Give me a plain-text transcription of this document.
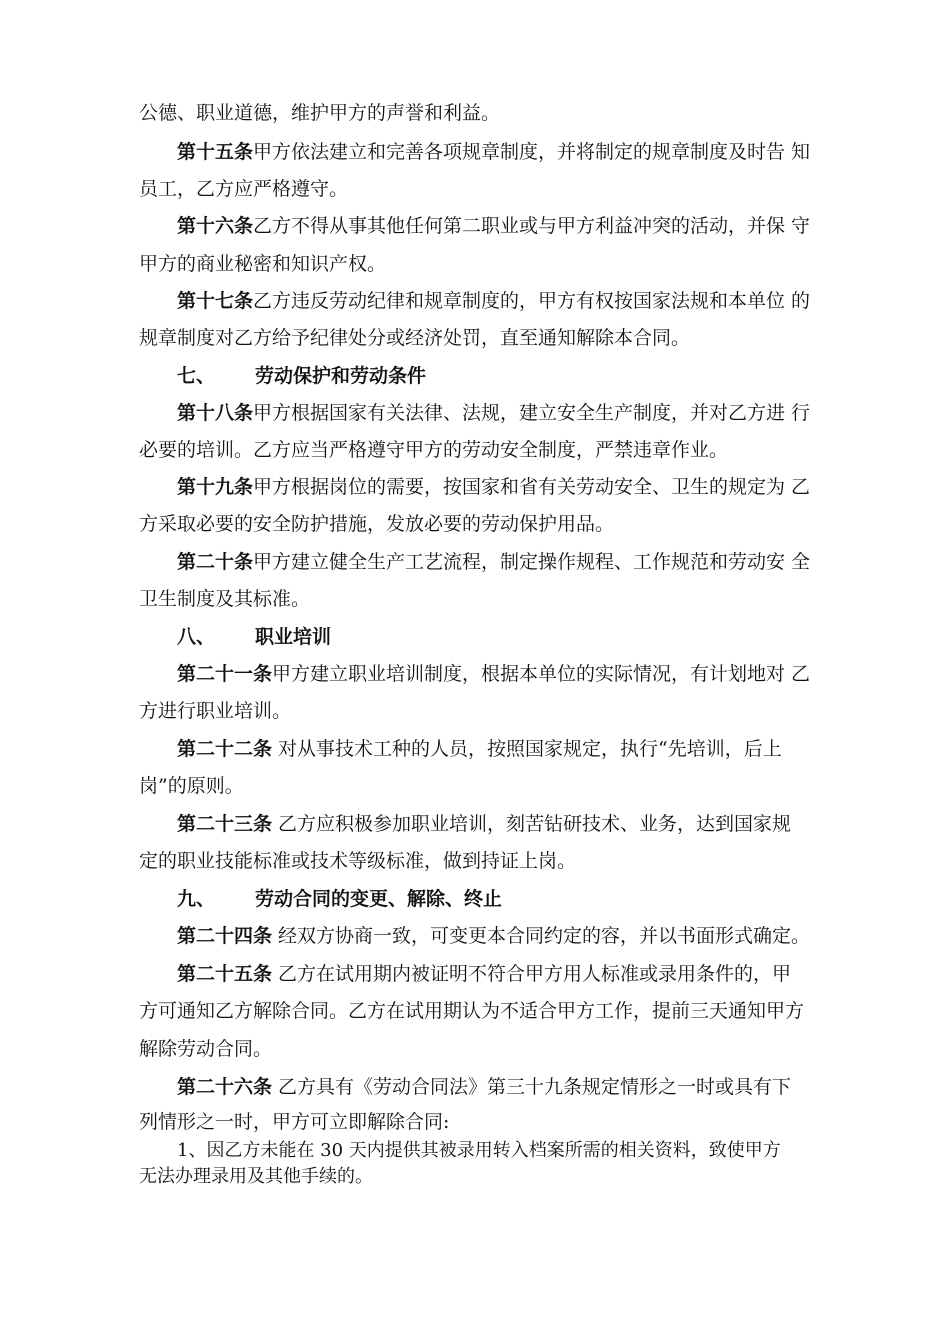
公德、职业道德，维护甲方的声誉和利益。
第十五条甲方依法建立和完善各项规章制度，并将制定的规章制度及时告 知
员工，乙方应严格遵守。
第十六条乙方不得从事其他任何第二职业或与甲方利益冲突的活动，并保 守
甲方的商业秘密和知识产权。
第十七条乙方违反劳动纪律和规章制度的，甲方有权按国家法规和本单位 的
规章制度对乙方给予纪律处分或经济处罚，直至通知解除本合同。
七、 劳动保护和劳动条件
第十八条甲方根据国家有关法律、法规，建立安全生产制度，并对乙方进 行
必要的培训。乙方应当严格遵守甲方的劳动安全制度，严禁违章作业。
第十九条甲方根据岗位的需要，按国家和省有关劳动安全、卫生的规定为 乙
方采取必要的安全防护措施，发放必要的劳动保护用品。
第二十条甲方建立健全生产工艺流程，制定操作规程、工作规范和劳动安 全
卫生制度及其标准。
八、 职业培训
第二十一条甲方建立职业培训制度，根据本单位的实际情况，有计划地对 乙
方进行职业培训。
第二十二条 对从事技术工种的人员，按照国家规定，执行“先培训，后上
岗”的原则。
第二十三条 乙方应积极参加职业培训，刻苦钻研技术、业务，达到国家规
定的职业技能标准或技术等级标准，做到持证上岗。
九、 劳动合同的变更、解除、终止
第二十四条 经双方协商一致，可变更本合同约定的容，并以书面形式确定。
第二十五条 乙方在试用期内被证明不符合甲方用人标准或录用条件的，甲
方可通知乙方解除合同。乙方在试用期认为不适合甲方工作，提前三天通知甲方
解除劳动合同。
第二十六条 乙方具有《劳动合同法》第三十九条规定情形之一时或具有下
列情形之一时，甲方可立即解除合同:
1、因乙方未能在 30 天内提供其被录用转入档案所需的相关资料，致使甲方
无法办理录用及其他手续的。
